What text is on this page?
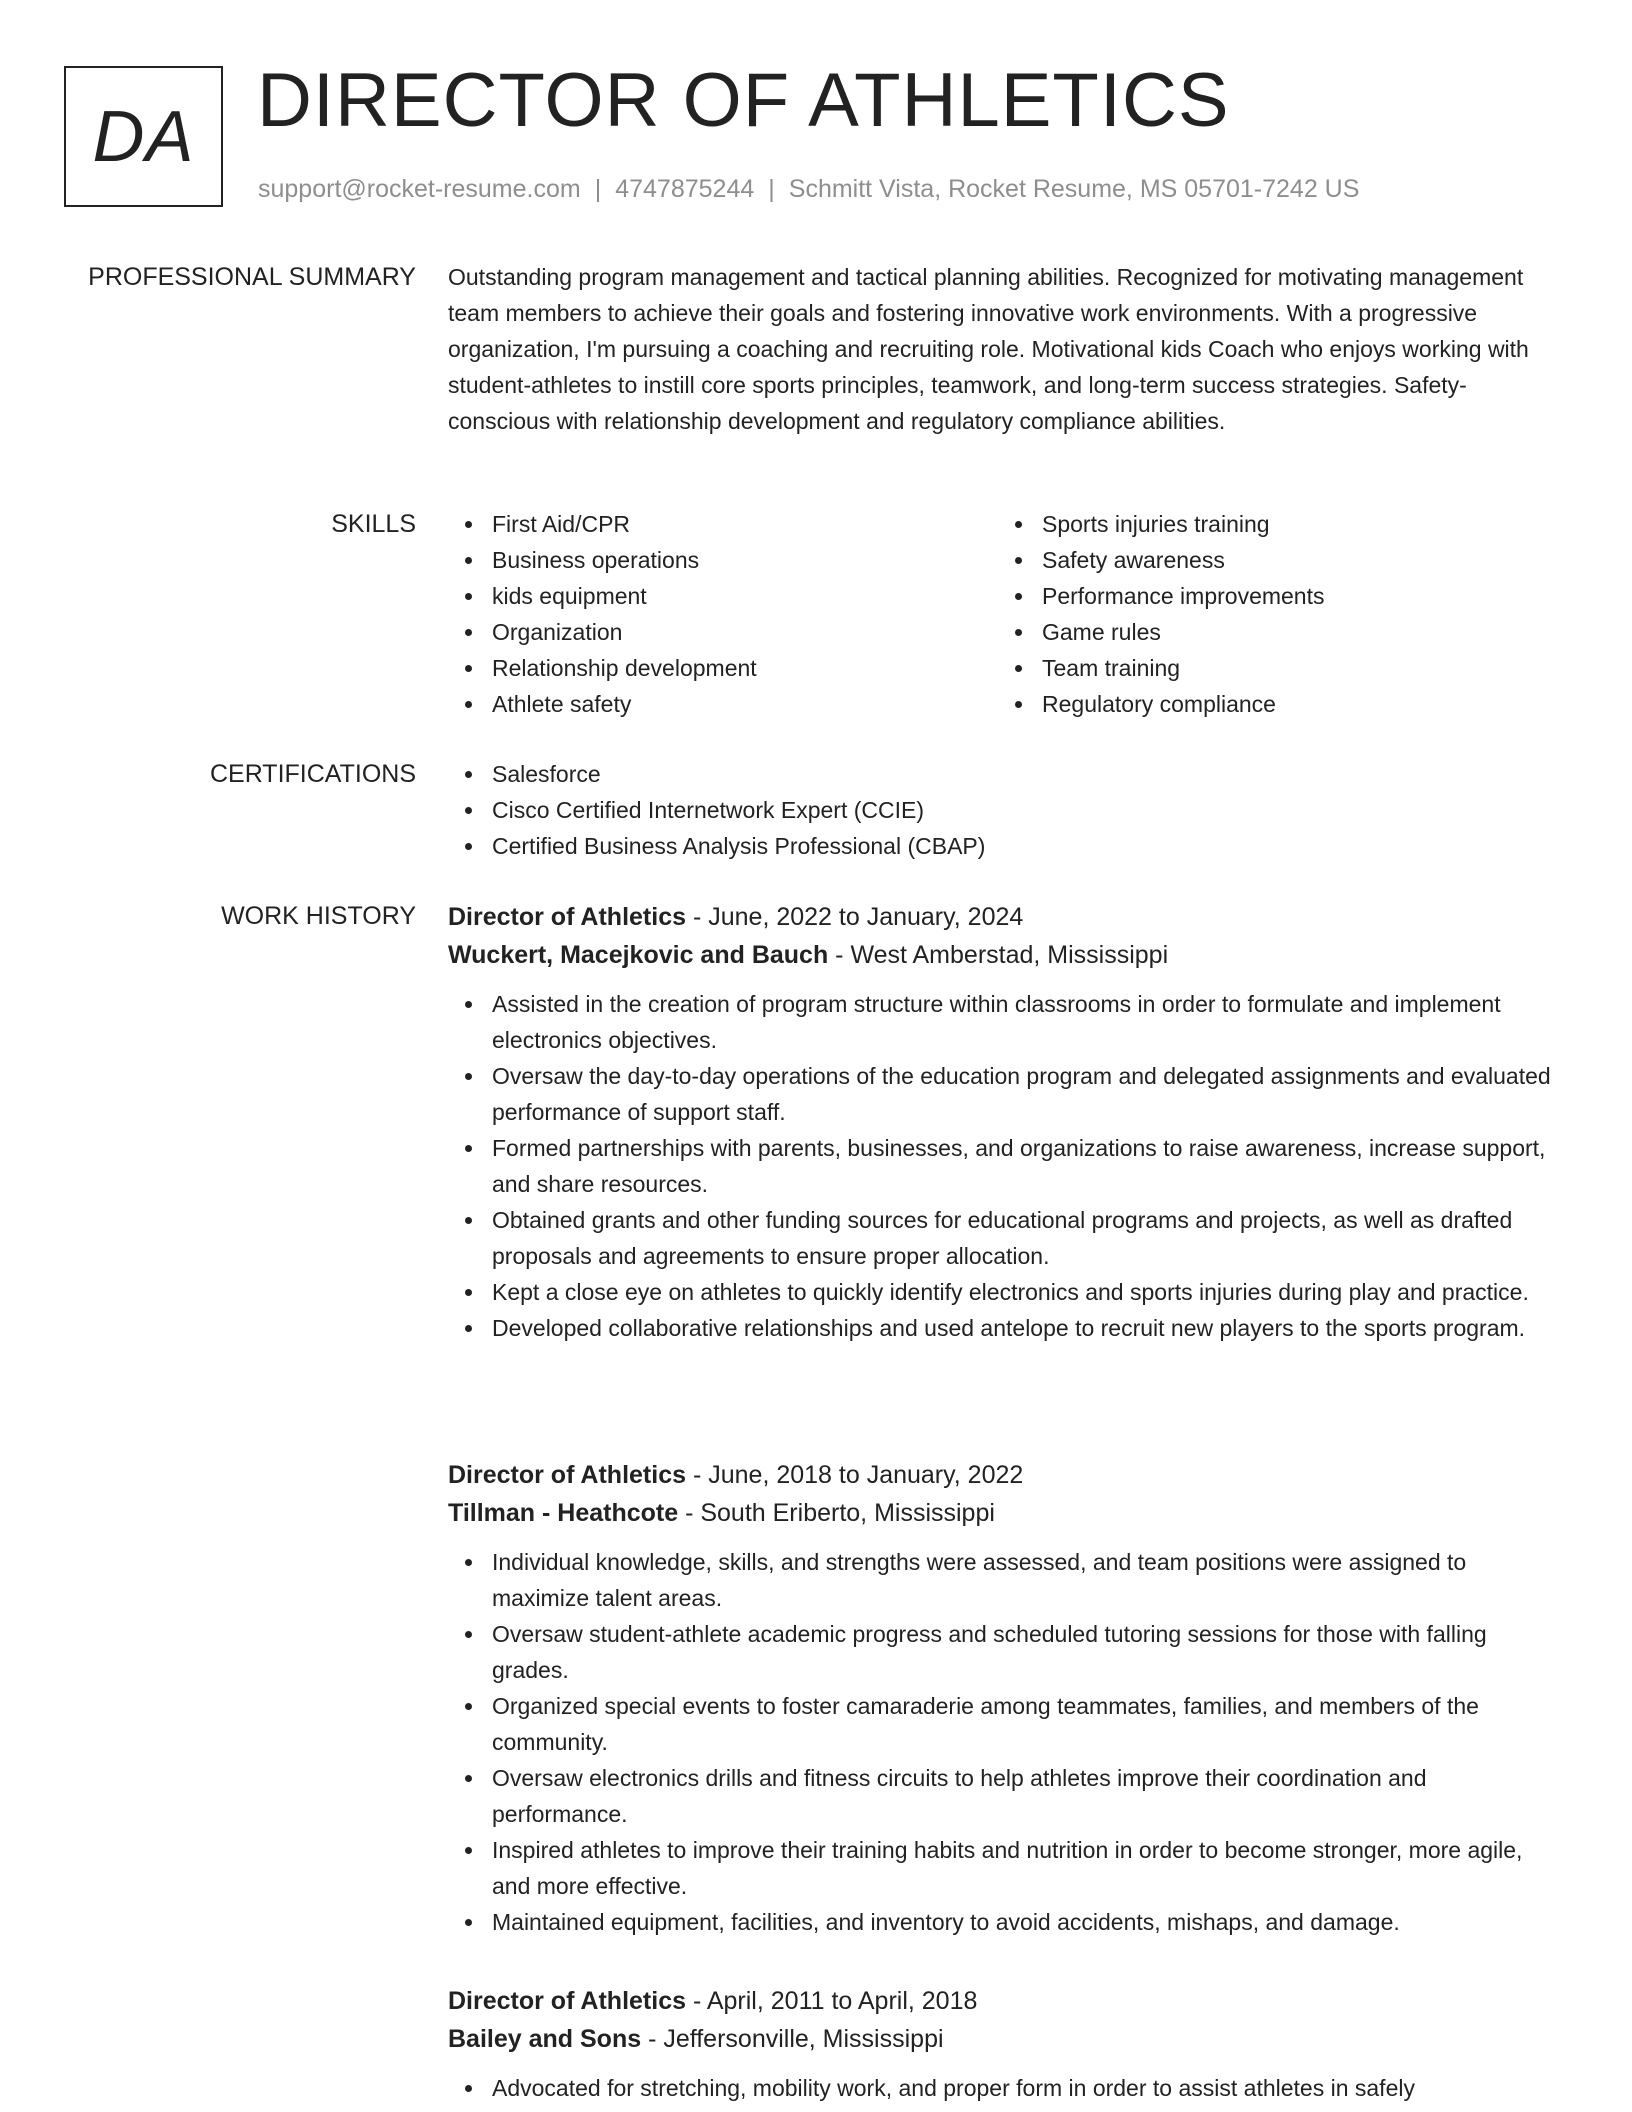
DA DIRECTOR OF ATHLETICS
support@rocket-resume.com | 4747875244 | Schmitt Vista, Rocket Resume, MS 05701-7242 US
PROFESSIONAL SUMMARY Outstanding program management and tactical planning abilities. Recognized for motivating management team members to achieve their goals and fostering innovative work environments. With a progressive organization, I'm pursuing a coaching and recruiting role. Motivational kids Coach who enjoys working with student-athletes to instill core sports principles, teamwork, and long-term success strategies. Safety-conscious with relationship development and regulatory compliance abilities.

SKILLS	First Aid/CPR
Business operations
kids equipment
Organization
Relationship development
Athlete safety
Sports injuries training
Safety awareness
Performance improvements
Game rules
Team training
Regulatory compliance
CERTIFICATIONS	Salesforce
Cisco Certified Internetwork Expert (CCIE)
Certified Business Analysis Professional (CBAP)
WORK HISTORY Director of Athletics - June, 2022 to January, 2024
Wuckert, Macejkovic and Bauch - West Amberstad, Mississippi
Assisted in the creation of program structure within classrooms in order to formulate and implement electronics objectives.
Oversaw the day-to-day operations of the education program and delegated assignments and evaluated performance of support staff.
Formed partnerships with parents, businesses, and organizations to raise awareness, increase support, and share resources.
Obtained grants and other funding sources for educational programs and projects, as well as drafted proposals and agreements to ensure proper allocation.
Kept a close eye on athletes to quickly identify electronics and sports injuries during play and practice.
Developed collaborative relationships and used antelope to recruit new players to the sports program.
Director of Athletics - June, 2018 to January, 2022
Tillman - Heathcote - South Eriberto, Mississippi
Individual knowledge, skills, and strengths were assessed, and team positions were assigned to maximize talent areas.
Oversaw student-athlete academic progress and scheduled tutoring sessions for those with falling grades.
Organized special events to foster camaraderie among teammates, families, and members of the community.
Oversaw electronics drills and fitness circuits to help athletes improve their coordination and performance.
Inspired athletes to improve their training habits and nutrition in order to become stronger, more agile, and more effective.
Maintained equipment, facilities, and inventory to avoid accidents, mishaps, and damage.
Director of Athletics - April, 2011 to April, 2018
Bailey and Sons - Jeffersonville, Mississippi
Advocated for stretching, mobility work, and proper form in order to assist athletes in safely
